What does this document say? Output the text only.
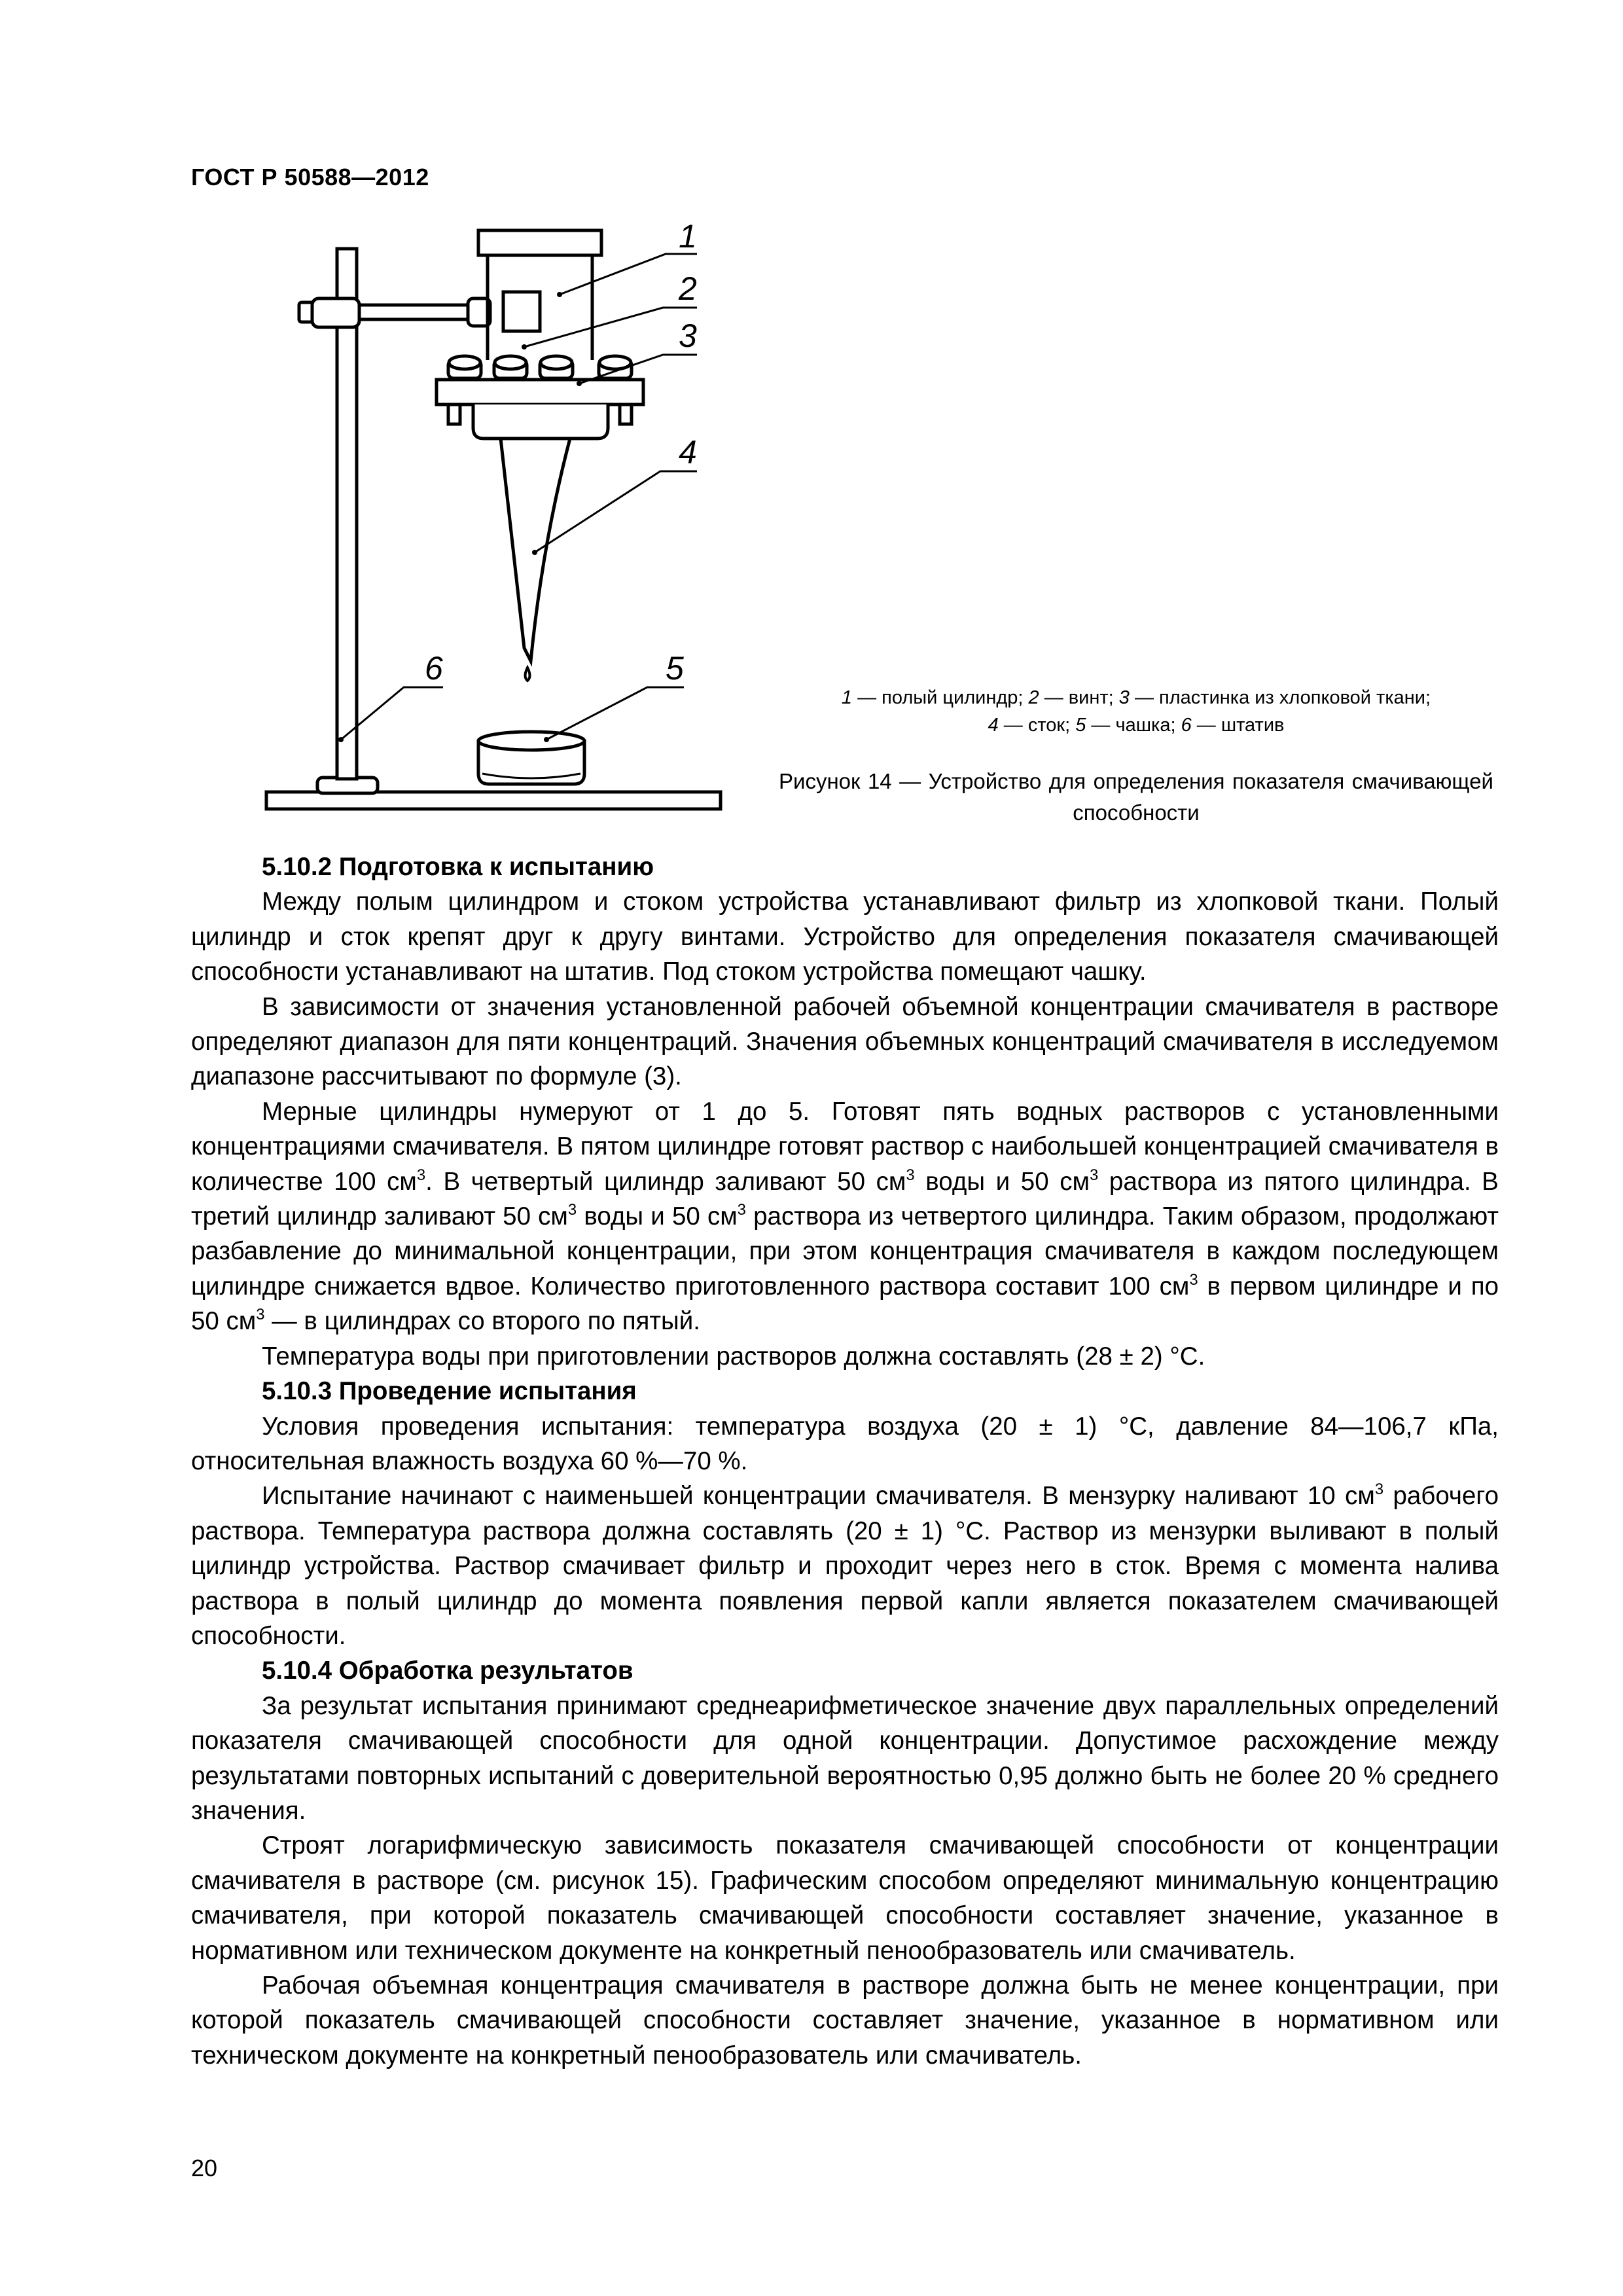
ГОСТ Р 50588—2012
1
2
3
4
5
6
1 — полый цилиндр; 2 — винт; 3 — пластинка из хлопковой ткани;
4 — сток; 5 — чашка; 6 — штатив
Рисунок 14 — Устройство для определения показателя смачивающей способности
5.10.2 Подготовка к испытанию

Между полым цилиндром и стоком устройства устанавливают фильтр из хлопковой ткани. Полый цилиндр и сток крепят друг к другу винтами. Устройство для определения показателя смачивающей способности устанавливают на штатив. Под стоком устройства помещают чашку.

В зависимости от значения установленной рабочей объемной концентрации смачивателя в растворе определяют диапазон для пяти концентраций. Значения объемных концентраций смачивателя в исследуемом диапазоне рассчитывают по формуле (3).

Мерные цилиндры нумеруют от 1 до 5. Готовят пять водных растворов с установленными концентрациями смачивателя. В пятом цилиндре готовят раствор с наибольшей концентрацией смачивателя в количестве 100 $см^3$. В четвертый цилиндр заливают 50 $см^3$ воды и 50 $см^3$ раствора из пятого цилиндра. В третий цилиндр заливают 50 $см^3$ воды и 50 $см^3$ раствора из четвертого цилиндра. Таким образом, продолжают разбавление до минимальной концентрации, при этом концентрация смачивателя в каждом последующем цилиндре снижается вдвое. Количество приготовленного раствора составит 100 $см^3$ в первом цилиндре и по 50 $см^3$ — в цилиндрах со второго по пятый.

Температура воды при приготовлении растворов должна составлять (28 ± 2) °С.

5.10.3 Проведение испытания

Условия проведения испытания: температура воздуха (20 ± 1) °С, давление 84—106,7 кПа, относительная влажность воздуха 60 %—70 %.

Испытание начинают с наименьшей концентрации смачивателя. В мензурку наливают 10 $см^3$ рабочего раствора. Температура раствора должна составлять (20 ± 1) °С. Раствор из мензурки выливают в полый цилиндр устройства. Раствор смачивает фильтр и проходит через него в сток. Время с момента налива раствора в полый цилиндр до момента появления первой капли является показателем смачивающей способности.

5.10.4 Обработка результатов

За результат испытания принимают среднеарифметическое значение двух параллельных определений показателя смачивающей способности для одной концентрации. Допустимое расхождение между результатами повторных испытаний с доверительной вероятностью 0,95 должно быть не более 20 % среднего значения.

Строят логарифмическую зависимость показателя смачивающей способности от концентрации смачивателя в растворе (см. рисунок 15). Графическим способом определяют минимальную концентрацию смачивателя, при которой показатель смачивающей способности составляет значение, указанное в нормативном или техническом документе на конкретный пенообразователь или смачиватель.

Рабочая объемная концентрация смачивателя в растворе должна быть не менее концентрации, при которой показатель смачивающей способности составляет значение, указанное в нормативном или техническом документе на конкретный пенообразователь или смачиватель.

20
